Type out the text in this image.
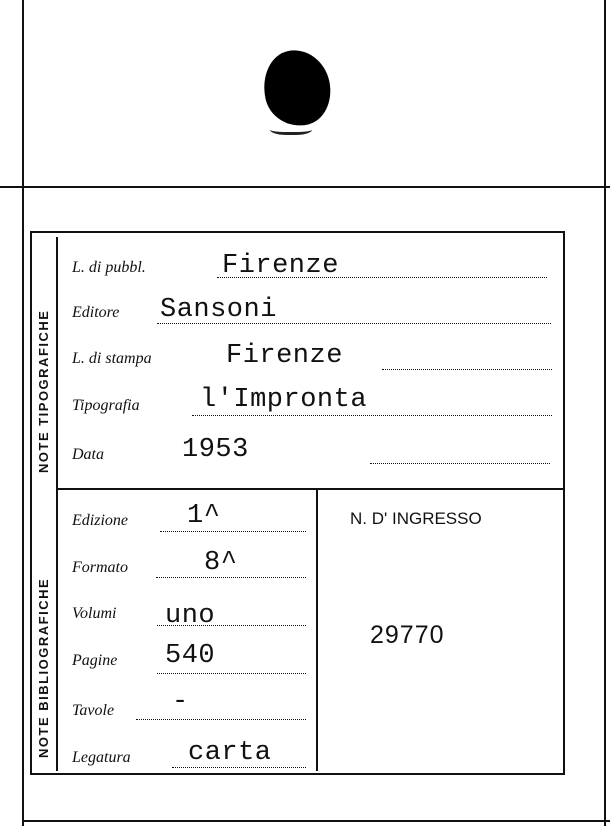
NOTE TIPOGRAFICHE
NOTE BIBLIOGRAFICHE
L. di pubbl.	Firenze
Editore Sansoni
L. di stampa	Firenze
Tipografia l'Impronta
Data	1953
Edizione 1^
Formato	8^
Volumi uno
Pagine 540
Tavole -
Legatura carta
N. D' INGRESSO
29770
